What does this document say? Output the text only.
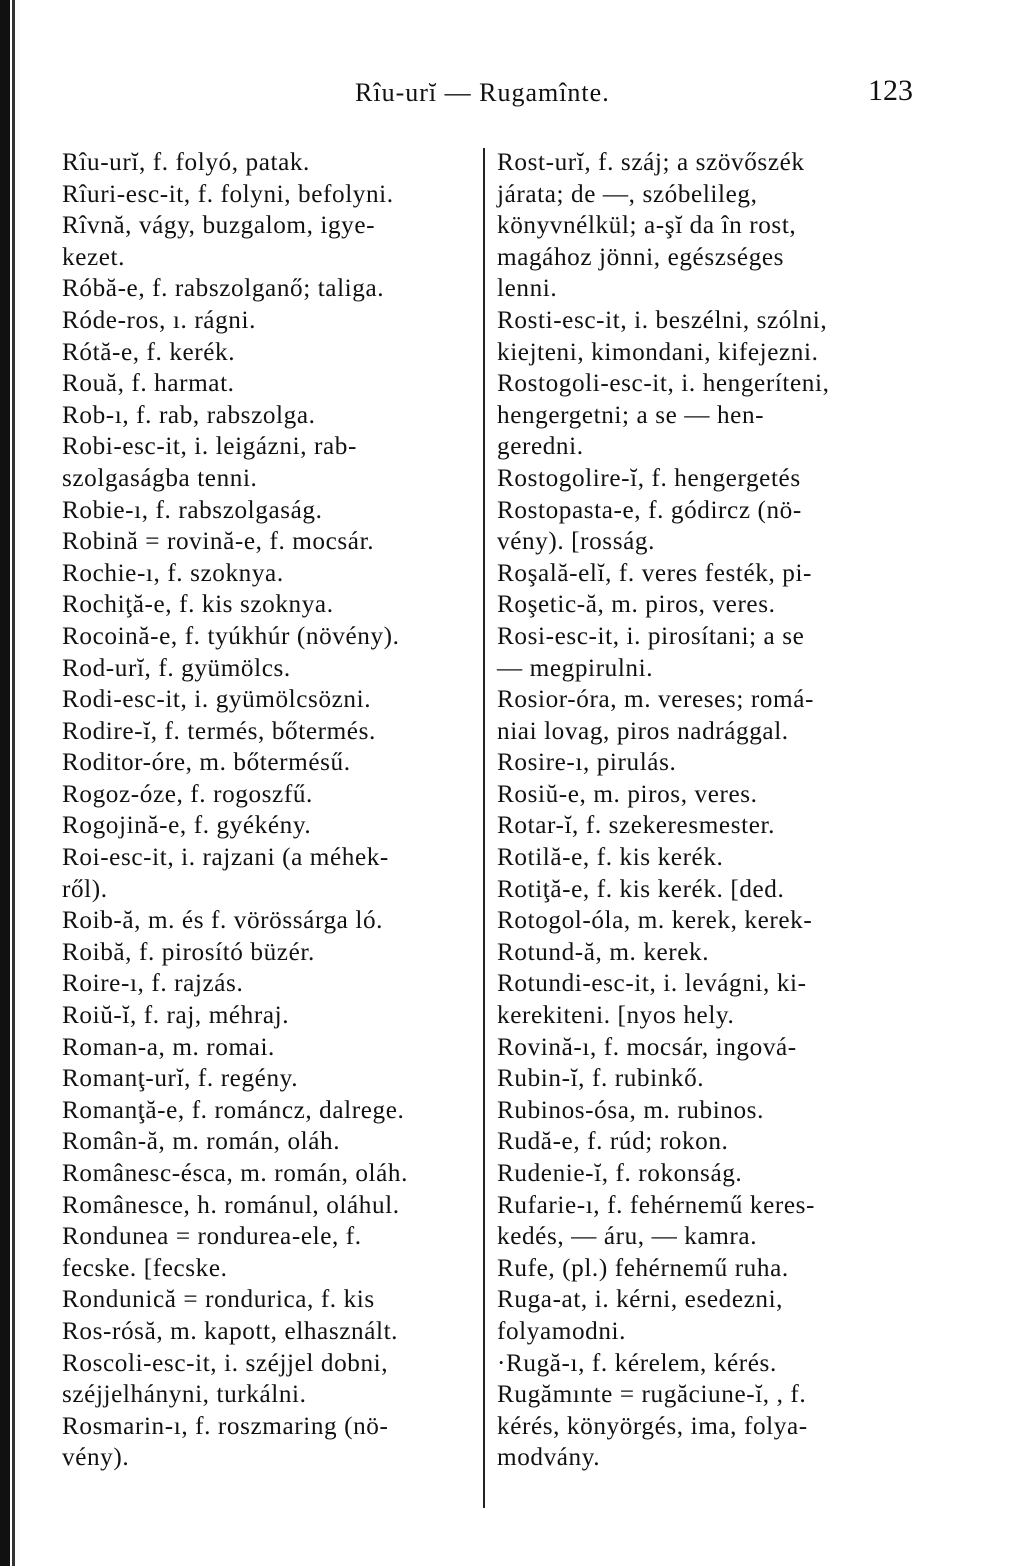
Rîu-urĭ — Rugamînte.	123
Rîu-urĭ, f. folyó, patak.
Rîuri-esc-it, f. folyni, befolyni.
Rîvnă, vágy, buzgalom, igye-
kezet.
Róbă-e, f. rabszolganő; taliga.
Róde-ros, ı. rágni.
Rótă-e, f. kerék.
Rouă, f. harmat.
Rob-ı, f. rab, rabszolga.
Robi-esc-it, i. leigázni, rab-
szolgaságba tenni.
Robie-ı, f. rabszolgaság.
Robină = rovină-e, f. mocsár.
Rochie-ı, f. szoknya.
Rochiţă-e, f. kis szoknya.
Rocoină-e, f. tyúkhúr (növény).
Rod-urĭ, f. gyümölcs.
Rodi-esc-it, i. gyümölcsözni.
Rodire-ĭ, f. termés, bőtermés.
Roditor-óre, m. bőtermésű.
Rogoz-óze, f. rogoszfű.
Rogojină-e, f. gyékény.
Roi-esc-it, i. rajzani (a méhek-
ről).
Roib-ă, m. és f. vörössárga ló.
Roibă, f. pirosító büzér.
Roire-ı, f. rajzás.
Roiŭ-ĭ, f. raj, méhraj.
Roman-a, m. romai.
Romanţ-urĭ, f. regény.
Romanţă-e, f. románcz, dalrege.
Român-ă, m. román, oláh.
Românesc-ésca, m. román, oláh.
Românesce, h. románul, oláhul.
Rondunea = rondurea-ele, f.
fecske. [fecske.
Rondunică = rondurica, f. kis
Ros-rósă, m. kapott, elhasznált.
Roscoli-esc-it, i. széjjel dobni,
széjjelhányni, turkálni.
Rosmarin-ı, f. roszmaring (nö-
vény).
Rost-urĭ, f. száj; a szövőszék
járata; de —, szóbelileg,
könyvnélkül; a-şĭ da în rost,
magához jönni, egészséges
lenni.
Rosti-esc-it, i. beszélni, szólni,
kiejteni, kimondani, kifejezni.
Rostogoli-esc-it, i. hengeríteni,
hengergetni; a se — hen-
geredni.
Rostogolire-ĭ, f. hengergetés
Rostopasta-e, f. gódircz (nö-
vény). [rosság.
Roşală-elĭ, f. veres festék, pi-
Roşetic-ă, m. piros, veres.
Rosi-esc-it, i. pirosítani; a se
— megpirulni.
Rosior-óra, m. vereses; romá-
niai lovag, piros nadrággal.
Rosire-ı, pirulás.
Rosiŭ-e, m. piros, veres.
Rotar-ĭ, f. szekeresmester.
Rotilă-e, f. kis kerék.
Rotiţă-e, f. kis kerék. [ded.
Rotogol-óla, m. kerek, kerek-
Rotund-ă, m. kerek.
Rotundi-esc-it, i. levágni, ki-
kerekiteni. [nyos hely.
Rovină-ı, f. mocsár, ingová-
Rubin-ĭ, f. rubinkő.
Rubinos-ósa, m. rubinos.
Rudă-e, f. rúd; rokon.
Rudenie-ĭ, f. rokonság.
Rufarie-ı, f. fehérnemű keres-
kedés, — áru, — kamra.
Rufe, (pl.) fehérnemű ruha.
Ruga-at, i. kérni, esedezni,
folyamodni.
·Rugă-ı, f. kérelem, kérés.
Rugămınte = rugăciune-ĭ, , f.
kérés, könyörgés, ima, folya-
modvány.
